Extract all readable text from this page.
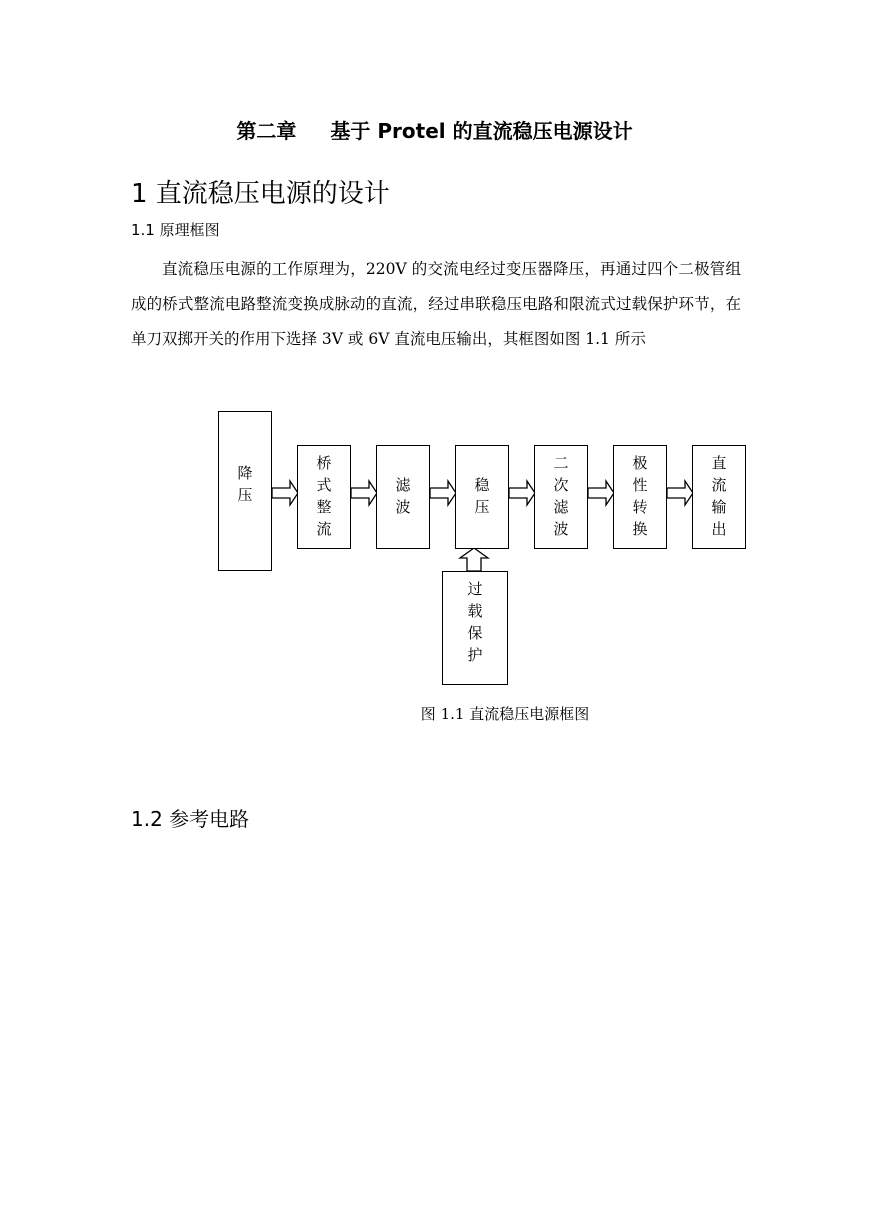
第二章 基于 Protel 的直流稳压电源设计
1 直流稳压电源的设计
1.1 原理框图

直流稳压电源的工作原理为，220V 的交流电经过变压器降压，再通过四个二极管组成的桥式整流电路整流变换成脉动的直流，经过串联稳压电路和限流式过载保护环节，在单刀双掷开关的作用下选择 3V 或 6V 直流电压输出，其框图如图 1.1 所示

降压
桥式整流
滤波
稳压
二次滤波
极性转换
直流输出
过载保护
图 1.1 直流稳压电源框图
1.2 参考电路
